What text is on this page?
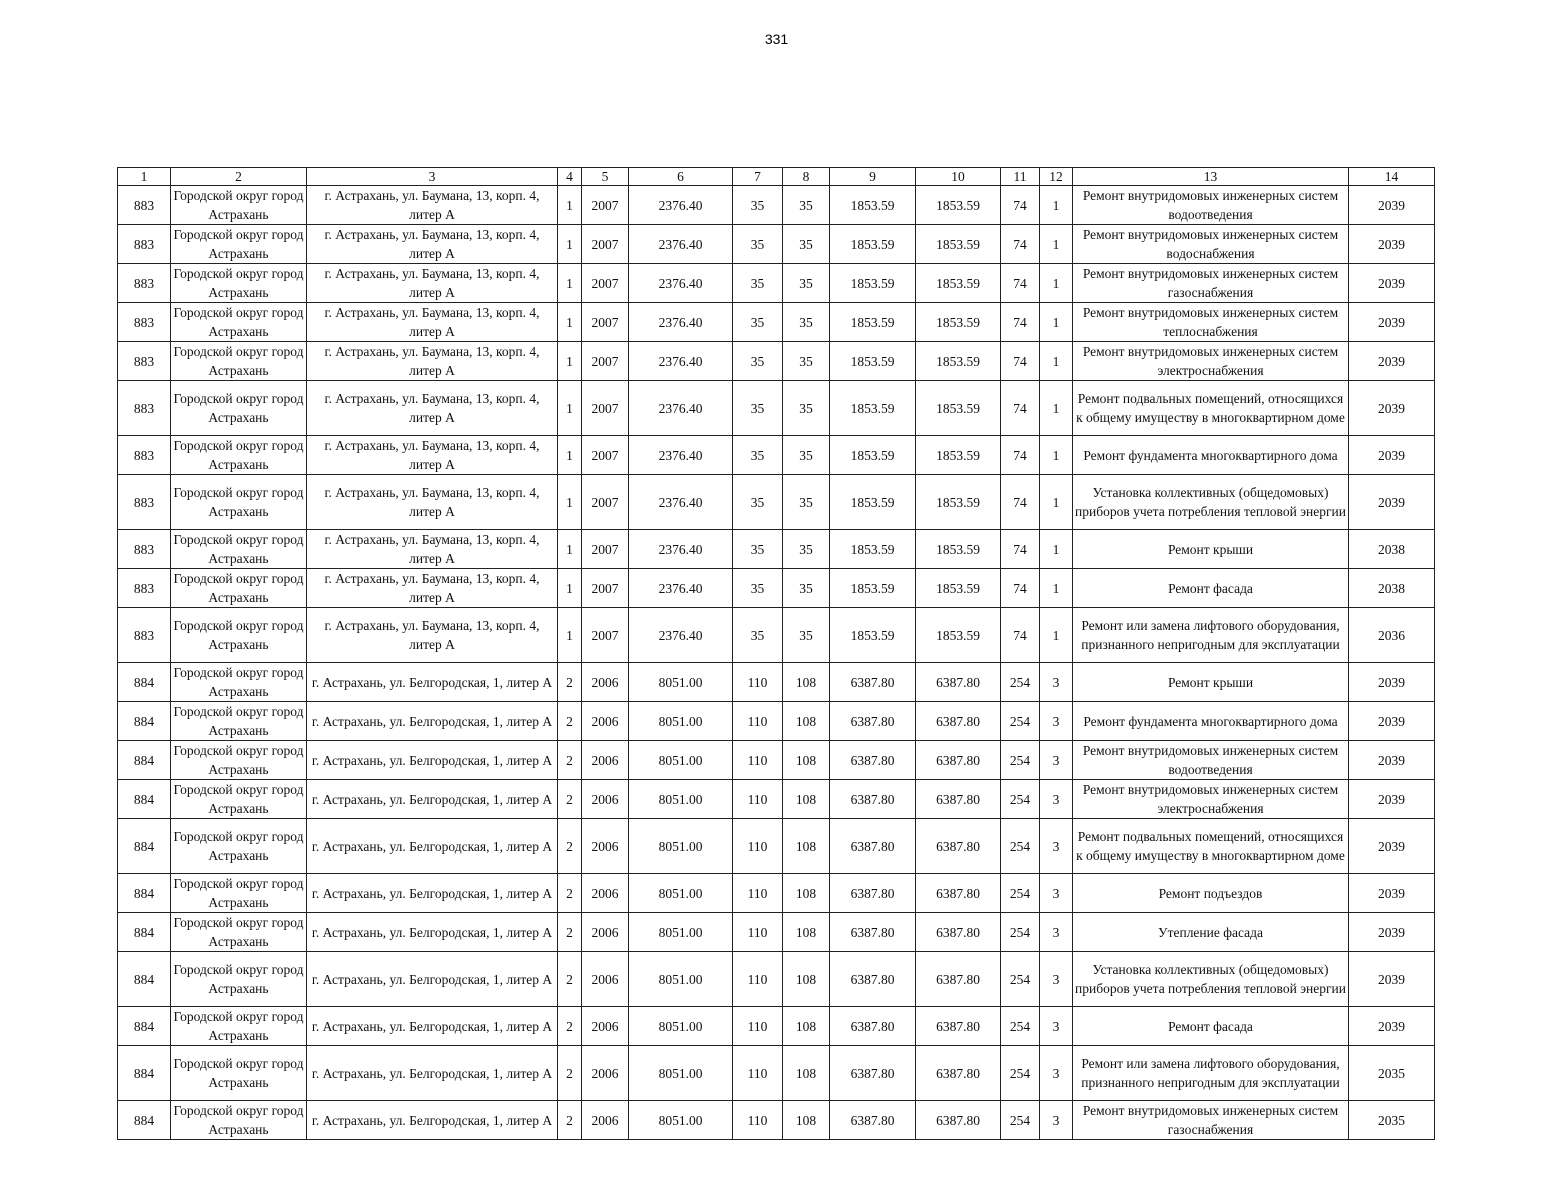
331
1	2	3	4	5	6	7	8	9	10	11	12	13	14
883	Городской округ город Астрахань	г. Астрахань, ул. Баумана, 13, корп. 4, литер А	1	2007	2376.40	35	35	1853.59	1853.59	74	1	Ремонт внутридомовых инженерных систем водоотведения	2039
883	Городской округ город Астрахань	г. Астрахань, ул. Баумана, 13, корп. 4, литер А	1	2007	2376.40	35	35	1853.59	1853.59	74	1	Ремонт внутридомовых инженерных систем водоснабжения	2039
883	Городской округ город Астрахань	г. Астрахань, ул. Баумана, 13, корп. 4, литер А	1	2007	2376.40	35	35	1853.59	1853.59	74	1	Ремонт внутридомовых инженерных систем газоснабжения	2039
883	Городской округ город Астрахань	г. Астрахань, ул. Баумана, 13, корп. 4, литер А	1	2007	2376.40	35	35	1853.59	1853.59	74	1	Ремонт внутридомовых инженерных систем теплоснабжения	2039
883	Городской округ город Астрахань	г. Астрахань, ул. Баумана, 13, корп. 4, литер А	1	2007	2376.40	35	35	1853.59	1853.59	74	1	Ремонт внутридомовых инженерных систем электроснабжения	2039
883	Городской округ город Астрахань	г. Астрахань, ул. Баумана, 13, корп. 4, литер А	1	2007	2376.40	35	35	1853.59	1853.59	74	1	Ремонт подвальных помещений, относящихся к общему имуществу в многоквартирном доме	2039
883	Городской округ город Астрахань	г. Астрахань, ул. Баумана, 13, корп. 4, литер А	1	2007	2376.40	35	35	1853.59	1853.59	74	1	Ремонт фундамента многоквартирного дома	2039
883	Городской округ город Астрахань	г. Астрахань, ул. Баумана, 13, корп. 4, литер А	1	2007	2376.40	35	35	1853.59	1853.59	74	1	Установка коллективных (общедомовых) приборов учета потребления тепловой энергии	2039
883	Городской округ город Астрахань	г. Астрахань, ул. Баумана, 13, корп. 4, литер А	1	2007	2376.40	35	35	1853.59	1853.59	74	1	Ремонт крыши	2038
883	Городской округ город Астрахань	г. Астрахань, ул. Баумана, 13, корп. 4, литер А	1	2007	2376.40	35	35	1853.59	1853.59	74	1	Ремонт фасада	2038
883	Городской округ город Астрахань	г. Астрахань, ул. Баумана, 13, корп. 4, литер А	1	2007	2376.40	35	35	1853.59	1853.59	74	1	Ремонт или замена лифтового оборудования, признанного непригодным для эксплуатации	2036
884	Городской округ город Астрахань	г. Астрахань, ул. Белгородская, 1, литер А	2	2006	8051.00	110	108	6387.80	6387.80	254	3	Ремонт крыши	2039
884	Городской округ город Астрахань	г. Астрахань, ул. Белгородская, 1, литер А	2	2006	8051.00	110	108	6387.80	6387.80	254	3	Ремонт фундамента многоквартирного дома	2039
884	Городской округ город Астрахань	г. Астрахань, ул. Белгородская, 1, литер А	2	2006	8051.00	110	108	6387.80	6387.80	254	3	Ремонт внутридомовых инженерных систем водоотведения	2039
884	Городской округ город Астрахань	г. Астрахань, ул. Белгородская, 1, литер А	2	2006	8051.00	110	108	6387.80	6387.80	254	3	Ремонт внутридомовых инженерных систем электроснабжения	2039
884	Городской округ город Астрахань	г. Астрахань, ул. Белгородская, 1, литер А	2	2006	8051.00	110	108	6387.80	6387.80	254	3	Ремонт подвальных помещений, относящихся к общему имуществу в многоквартирном доме	2039
884	Городской округ город Астрахань	г. Астрахань, ул. Белгородская, 1, литер А	2	2006	8051.00	110	108	6387.80	6387.80	254	3	Ремонт подъездов	2039
884	Городской округ город Астрахань	г. Астрахань, ул. Белгородская, 1, литер А	2	2006	8051.00	110	108	6387.80	6387.80	254	3	Утепление фасада	2039
884	Городской округ город Астрахань	г. Астрахань, ул. Белгородская, 1, литер А	2	2006	8051.00	110	108	6387.80	6387.80	254	3	Установка коллективных (общедомовых) приборов учета потребления тепловой энергии	2039
884	Городской округ город Астрахань	г. Астрахань, ул. Белгородская, 1, литер А	2	2006	8051.00	110	108	6387.80	6387.80	254	3	Ремонт фасада	2039
884	Городской округ город Астрахань	г. Астрахань, ул. Белгородская, 1, литер А	2	2006	8051.00	110	108	6387.80	6387.80	254	3	Ремонт или замена лифтового оборудования, признанного непригодным для эксплуатации	2035
884	Городской округ город Астрахань	г. Астрахань, ул. Белгородская, 1, литер А	2	2006	8051.00	110	108	6387.80	6387.80	254	3	Ремонт внутридомовых инженерных систем газоснабжения	2035
